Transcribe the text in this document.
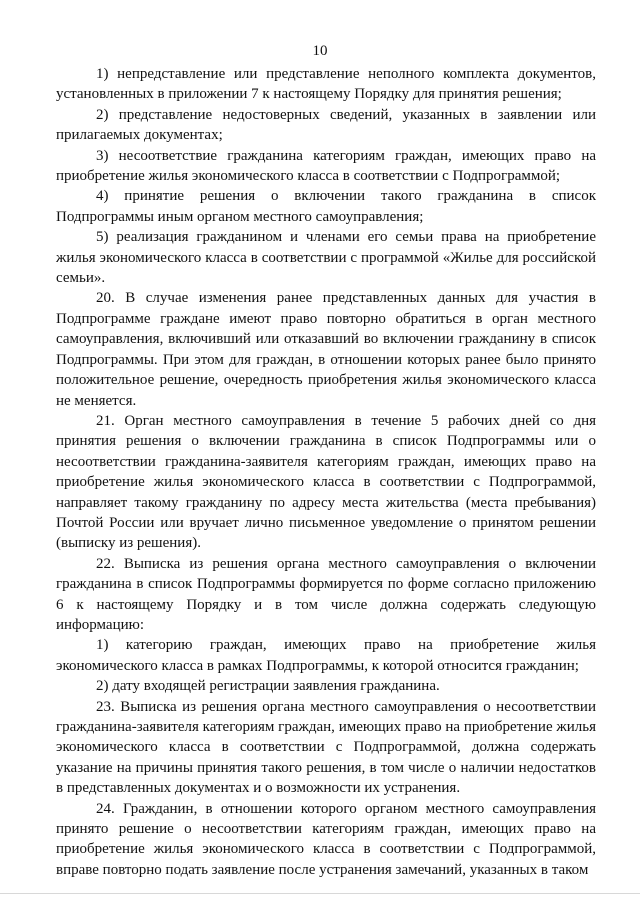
10

1) непредставление или представление неполного комплекта документов, установленных в приложении 7 к настоящему Порядку для принятия решения;

2) представление недостоверных сведений, указанных в заявлении или прилагаемых документах;

3) несоответствие гражданина категориям граждан, имеющих право на приобретение жилья экономического класса в соответствии с Подпрограммой;

4) принятие решения о включении такого гражданина в список Подпрограммы иным органом местного самоуправления;

5) реализация гражданином и членами его семьи права на приобретение жилья экономического класса в соответствии с программой «Жилье для российской семьи».

20. В случае изменения ранее представленных данных для участия в Подпрограмме граждане имеют право повторно обратиться в орган местного самоуправления, включивший или отказавший во включении гражданину в список Подпрограммы. При этом для граждан, в отношении которых ранее было принято положительное решение, очередность приобретения жилья экономического класса не меняется.

21. Орган местного самоуправления в течение 5 рабочих дней со дня принятия решения о включении гражданина в список Подпрограммы или о несоответствии гражданина-заявителя категориям граждан, имеющих право на приобретение жилья экономического класса в соответствии с Подпрограммой, направляет такому гражданину по адресу места жительства (места пребывания) Почтой России или вручает лично письменное уведомление о принятом решении (выписку из решения).

22. Выписка из решения органа местного самоуправления о включении гражданина в список Подпрограммы формируется по форме согласно приложению 6 к настоящему Порядку и в том числе должна содержать следующую информацию:

1) категорию граждан, имеющих право на приобретение жилья экономического класса в рамках Подпрограммы, к которой относится гражданин;

2) дату входящей регистрации заявления гражданина.

23. Выписка из решения органа местного самоуправления о несоответствии гражданина-заявителя категориям граждан, имеющих право на приобретение жилья экономического класса в соответствии с Подпрограммой, должна содержать указание на причины принятия такого решения, в том числе о наличии недостатков в представленных документах и о возможности их устранения.

24. Гражданин, в отношении которого органом местного самоуправления принято решение о несоответствии категориям граждан, имеющих право на приобретение жилья экономического класса в соответствии с Подпрограммой, вправе повторно подать заявление после устранения замечаний, указанных в таком
